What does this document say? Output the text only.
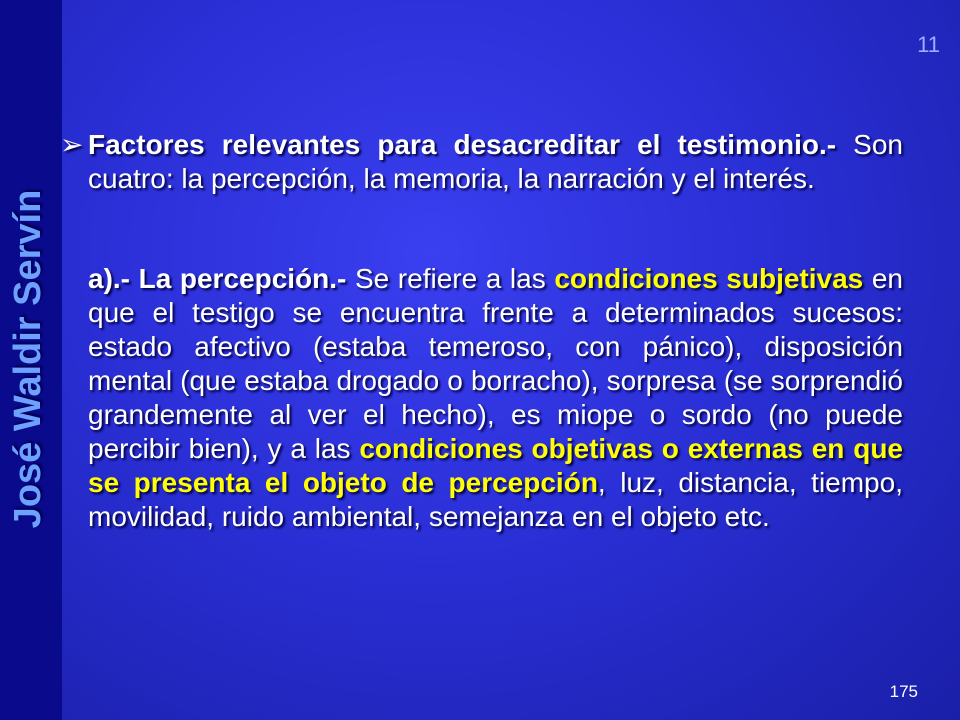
José Waldir Servín
11

➢ Factores relevantes para desacreditar el testimonio.- Son cuatro: la percepción, la memoria, la narración y el interés.

a).- La percepción.- Se refiere a las condiciones subjetivas en que el testigo se encuentra frente a determinados sucesos: estado afectivo (estaba temeroso, con pánico), disposición mental (que estaba drogado o borracho), sorpresa (se sorprendió grandemente al ver el hecho), es miope o sordo (no puede percibir bien), y a las condiciones objetivas o externas en que se presenta el objeto de percepción, luz, distancia, tiempo, movilidad, ruido ambiental, semejanza en el objeto etc.

175
